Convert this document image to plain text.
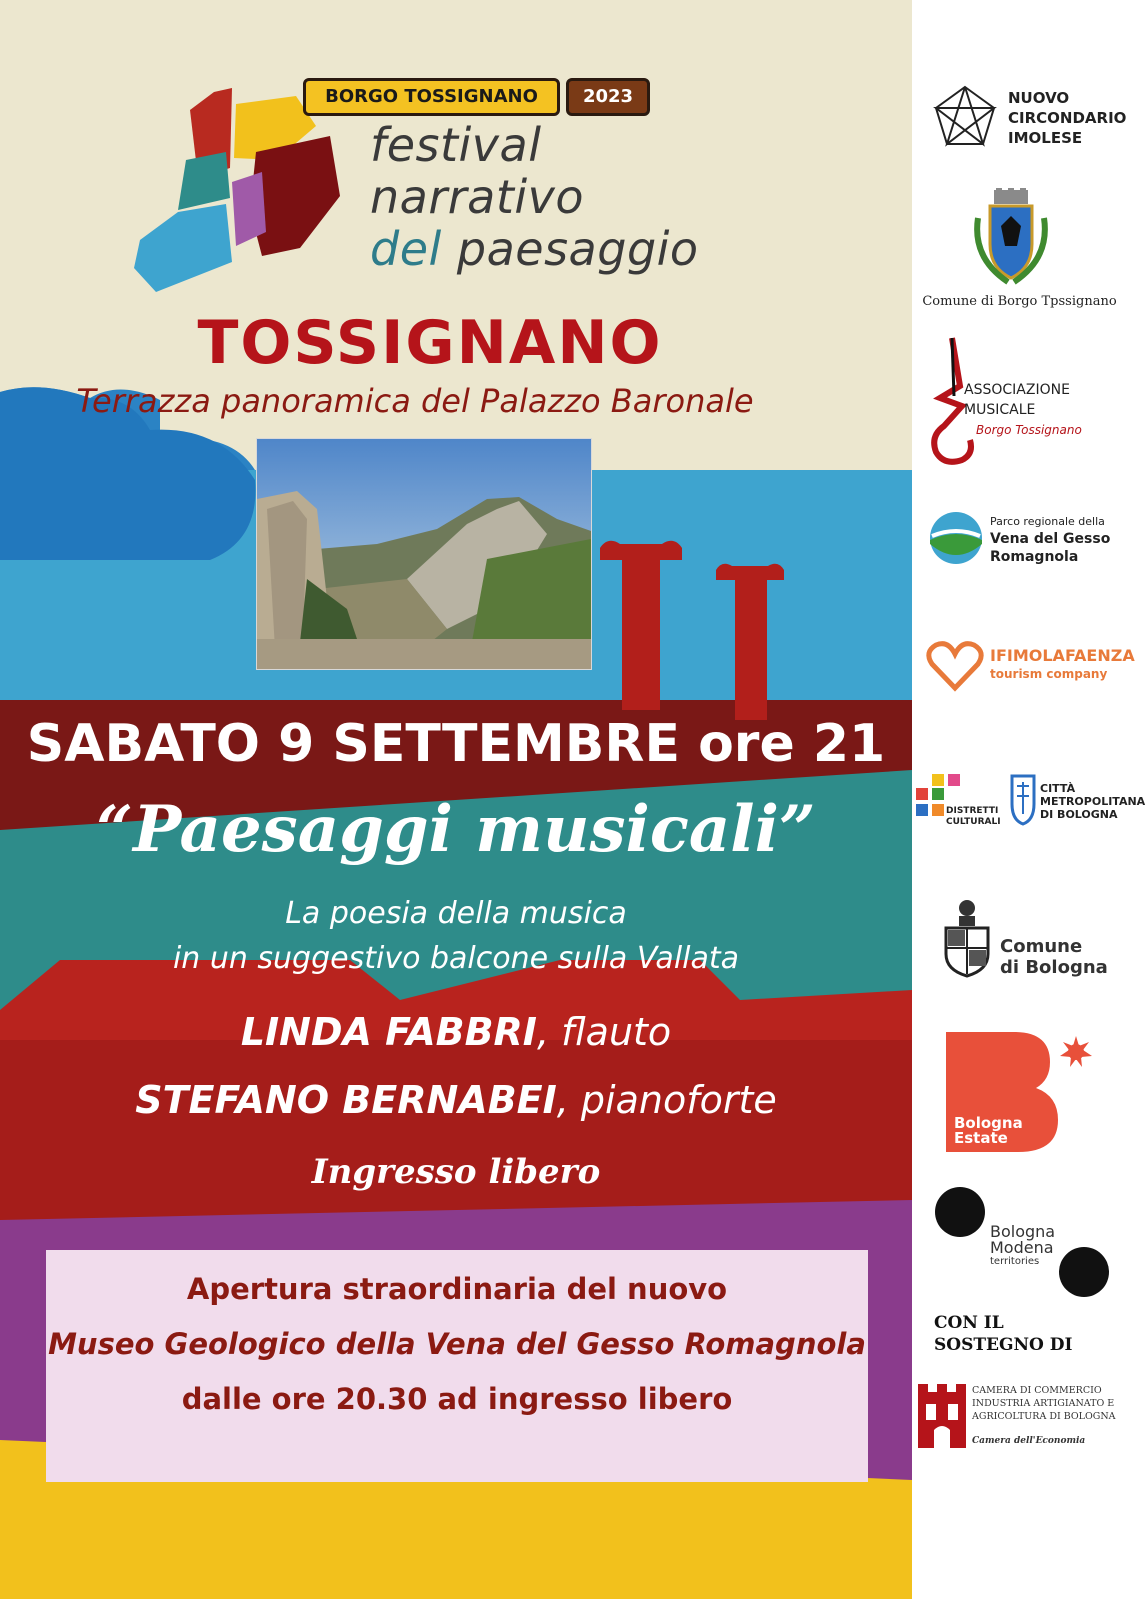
BORGO TOSSIGNANO	2023
festival
narrativo
del paesaggio
TOSSIGNANO
Terrazza panoramica del Palazzo Baronale
SABATO 9 SETTEMBRE ore 21
“Paesaggi musicali”
La poesia della musica
in un suggestivo balcone sulla Vallata
LINDA FABBRI, flauto
STEFANO BERNABEI, pianoforte
Ingresso libero
Apertura straordinaria del nuovo
Museo Geologico della Vena del Gesso Romagnola
dalle ore 20.30 ad ingresso libero
NUOVO
CIRCONDARIO
IMOLESE
Comune di Borgo Tpssignano
ASSOCIAZIONE
MUSICALE
Borgo Tossignano
Parco regionale della
Vena del Gesso
Romagnola
IFIMOLAFAENZA
tourism company
DISTRETTI
CULTURALI
CITTÀ
METROPOLITANA
DI BOLOGNA
Comune
di Bologna
Bologna
Estate
Bologna
Modena
territories
CON IL
SOSTEGNO DI
CAMERA DI COMMERCIO
INDUSTRIA ARTIGIANATO E
AGRICOLTURA DI BOLOGNA
Camera dell'Economia
